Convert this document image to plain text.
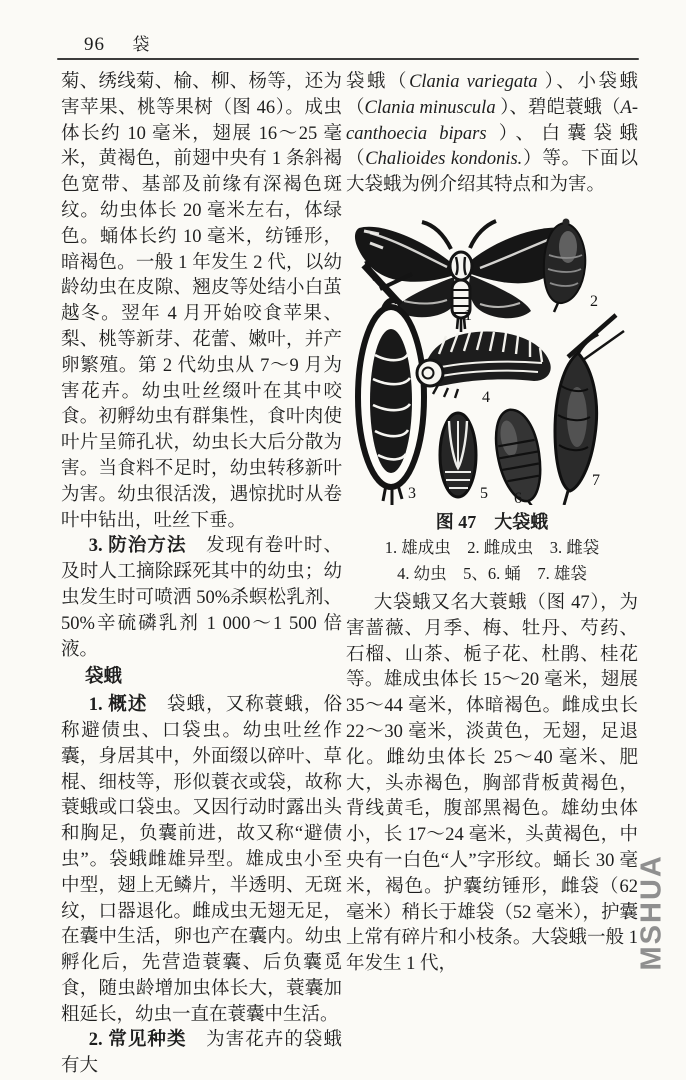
96 袋

菊、绣线菊、榆、柳、杨等，还为害苹果、桃等果树（图 46）。成虫体长约 10 毫米，翅展 16～25 毫米，黄褐色，前翅中央有 1 条斜褐色宽带、基部及前缘有深褐色斑纹。幼虫体长 20 毫米左右，体绿色。蛹体长约 10 毫米，纺锤形，暗褐色。一般 1 年发生 2 代，以幼龄幼虫在皮隙、翘皮等处结小白茧越冬。翌年 4 月开始咬食苹果、梨、桃等新芽、花蕾、嫩叶，并产卵繁殖。第 2 代幼虫从 7～9 月为害花卉。幼虫吐丝缀叶在其中咬食。初孵幼虫有群集性，食叶肉使叶片呈筛孔状，幼虫长大后分散为害。当食料不足时，幼虫转移新叶为害。幼虫很活泼，遇惊扰时从卷叶中钻出，吐丝下垂。

3. 防治方法　发现有卷叶时、及时人工摘除踩死其中的幼虫；幼虫发生时可喷洒 50%杀螟松乳剂、50%辛硫磷乳剂 1 000～1 500 倍液。

袋蛾

1. 概述　袋蛾，又称蓑蛾，俗称避债虫、口袋虫。幼虫吐丝作囊，身居其中，外面缀以碎叶、草棍、细枝等，形似蓑衣或袋，故称蓑蛾或口袋虫。又因行动时露出头和胸足，负囊前进，故又称“避债虫”。袋蛾雌雄异型。雄成虫小至中型，翅上无鳞片，半透明、无斑纹，口器退化。雌成虫无翅无足，在囊中生活，卵也产在囊内。幼虫孵化后，先营造蓑囊、后负囊觅食，随虫龄增加虫体长大，蓑囊加粗延长，幼虫一直在蓑囊中生活。

2. 常见种类　为害花卉的袋蛾有大

袋蛾（Clania variegata ）、小袋蛾（Clania minuscula ）、碧皑蓑蛾（A-canthoecia bipars ）、白囊袋蛾（Chalioides kondonis.）等。下面以大袋蛾为例介绍其特点和为害。

1
2
3
4
5 6
7
图 47　大袋蛾
1. 雄成虫　2. 雌成虫　3. 雌袋
4. 幼虫　5、6. 蛹　7. 雄袋

大袋蛾又名大蓑蛾（图 47），为害蔷薇、月季、梅、牡丹、芍药、石榴、山茶、栀子花、杜鹃、桂花等。雄成虫体长 15～20 毫米，翅展 35～44 毫米，体暗褐色。雌成虫长 22～30 毫米，淡黄色，无翅，足退化。雌幼虫体长 25～40 毫米、肥大，头赤褐色，胸部背板黄褐色，背线黄毛，腹部黑褐色。雄幼虫体小，长 17～24 毫米，头黄褐色，中央有一白色“人”字形纹。蛹长 30 毫米，褐色。护囊纺锤形，雌袋（62 毫米）稍长于雄袋（52 毫米），护囊上常有碎片和小枝条。大袋蛾一般 1 年发生 1 代，	MSHUA
